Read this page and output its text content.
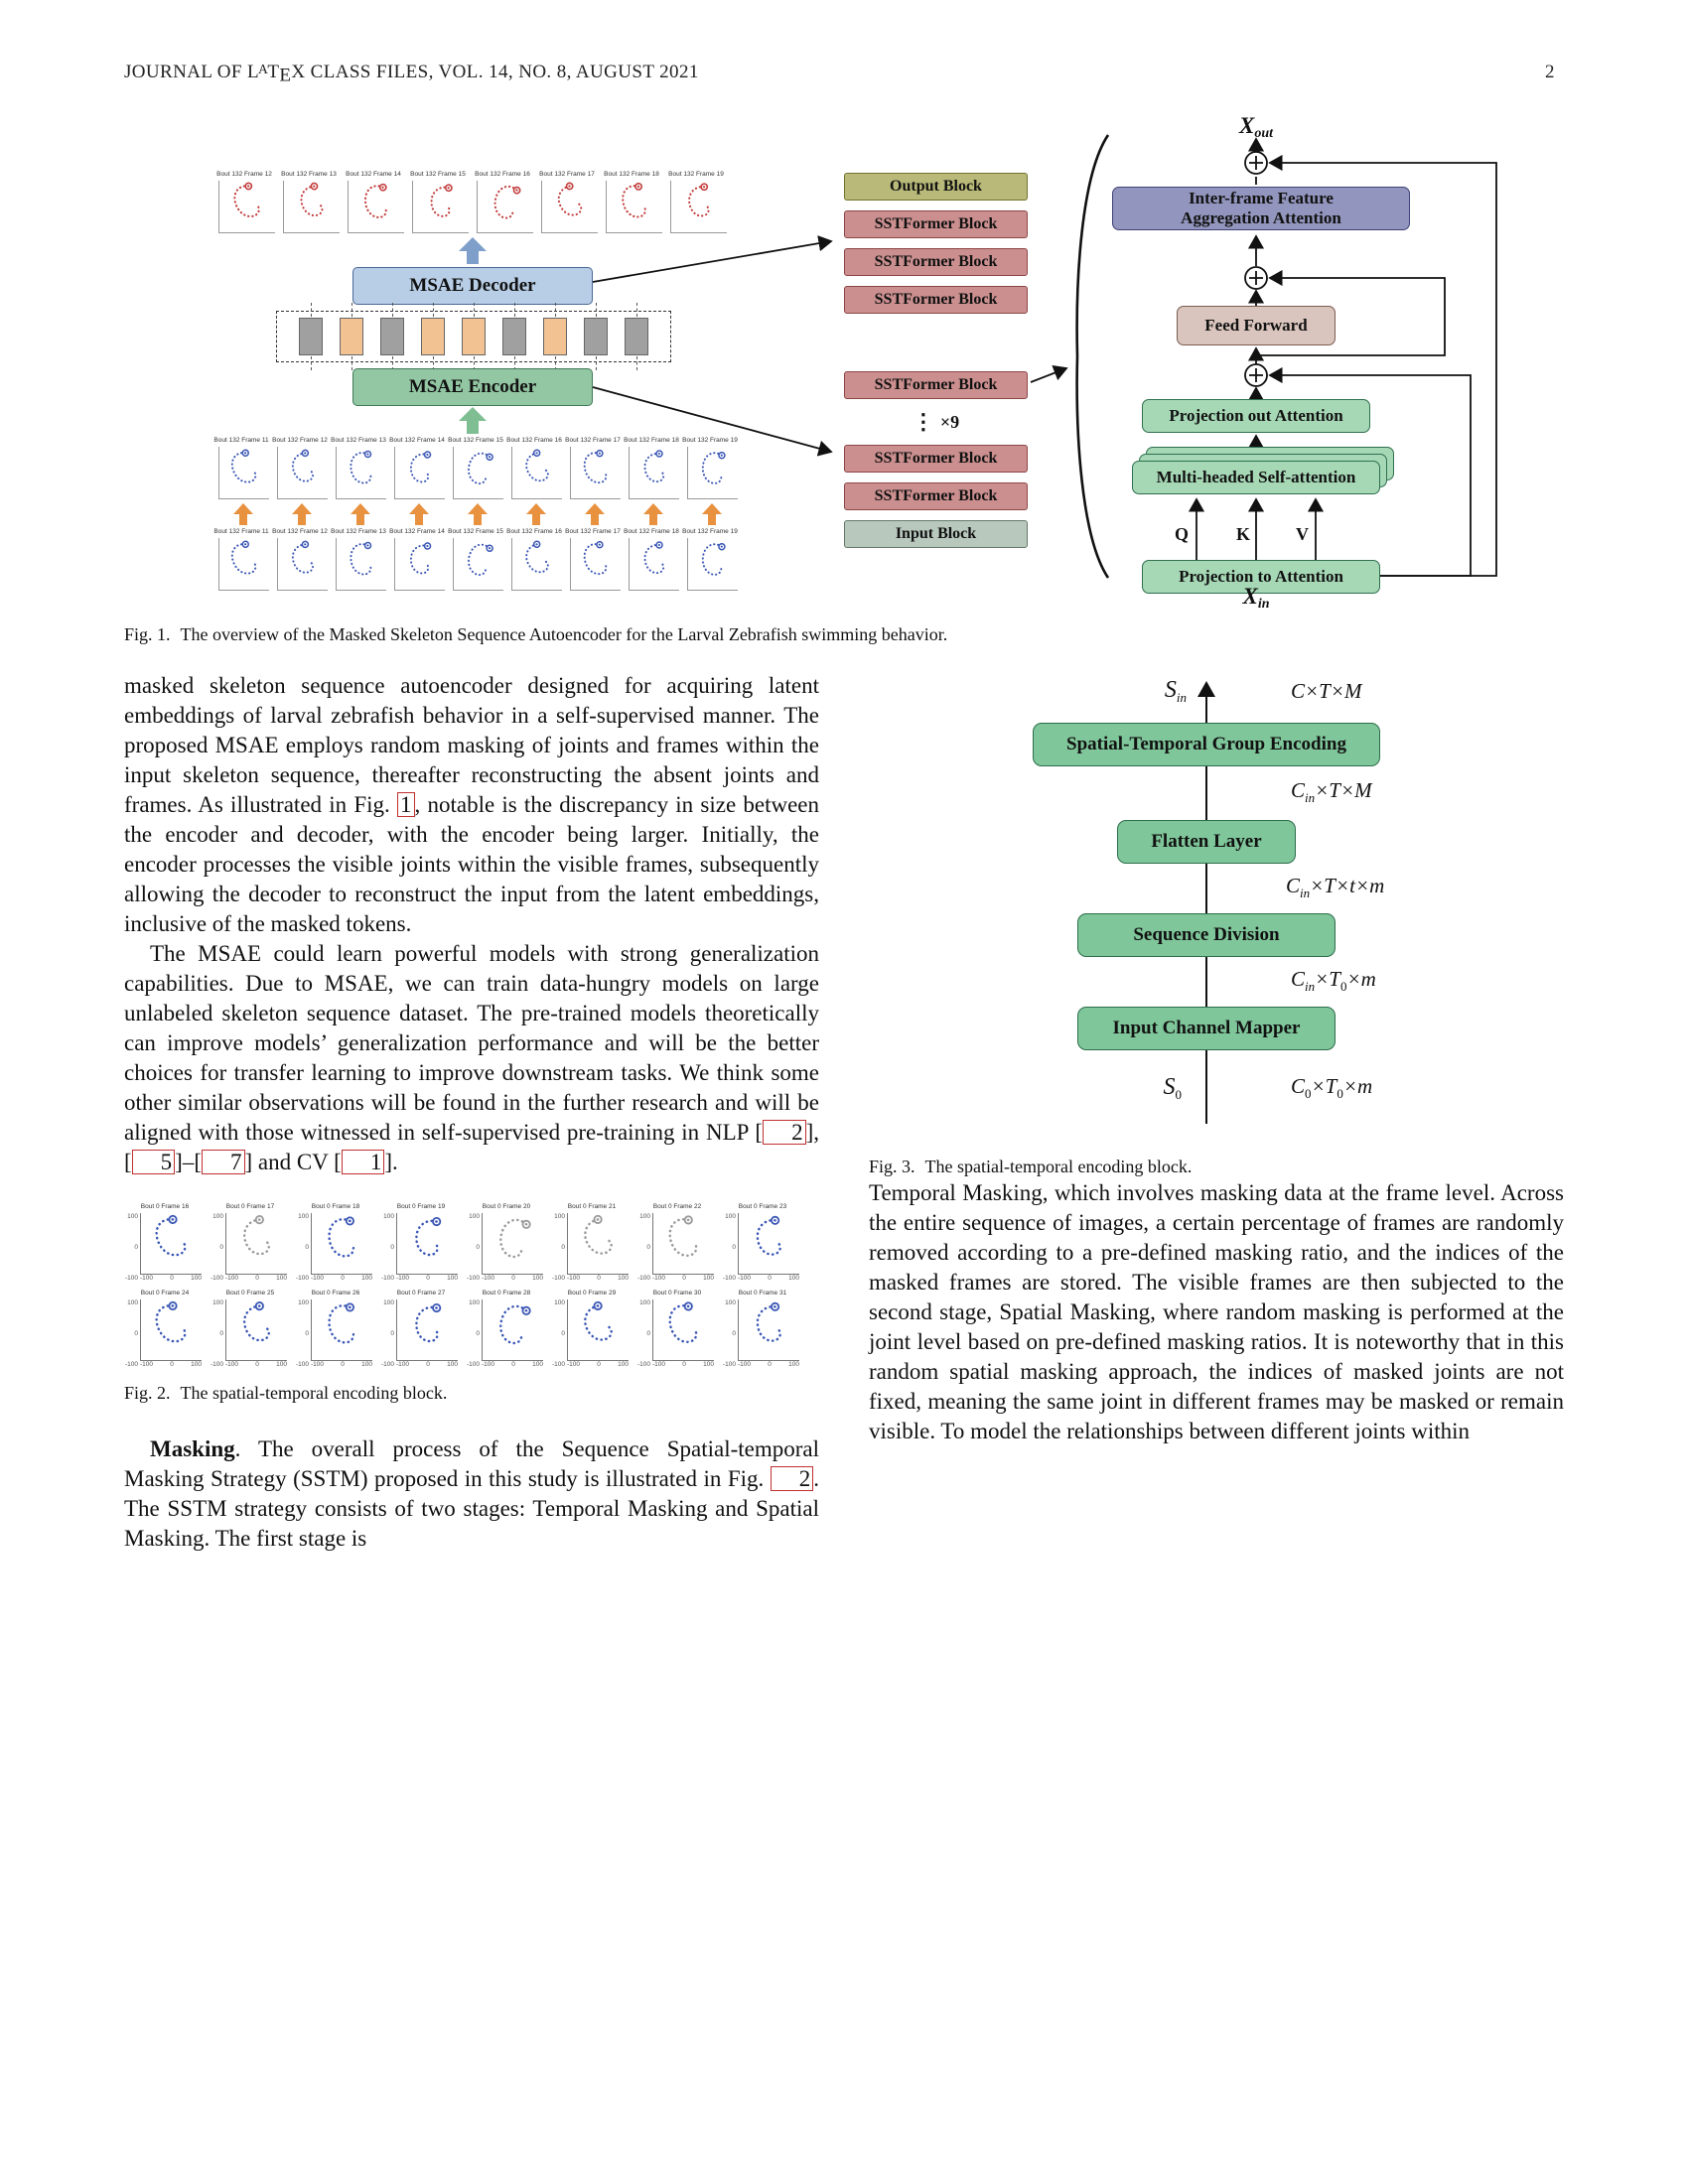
JOURNAL OF $L^ATEX$ CLASS FILES, VOL. 14, NO. 8, AUGUST 2021	2
Q	K	V
Bout 132 Frame 12	Bout 132 Frame 13	Bout 132 Frame 14	Bout 132 Frame 15	Bout 132 Frame 16	Bout 132 Frame 17	Bout 132 Frame 18	Bout 132 Frame 19
MSAE Decoder
MSAE Encoder
Bout 132 Frame 11 Bout 132 Frame 12 Bout 132 Frame 13 Bout 132 Frame 14 Bout 132 Frame 15 Bout 132 Frame 16 Bout 132 Frame 17 Bout 132 Frame 18 Bout 132 Frame 19
Bout 132 Frame 11 Bout 132 Frame 12 Bout 132 Frame 13 Bout 132 Frame 14 Bout 132 Frame 15 Bout 132 Frame 16 Bout 132 Frame 17 Bout 132 Frame 18 Bout 132 Frame 19
Output Block
SSTFormer Block
SSTFormer Block
SSTFormer Block
SSTFormer Block
⋮ ×9
SSTFormer Block
SSTFormer Block
Input Block
Xout
Inter-frame Feature
Aggregation Attention
Feed Forward
Projection out Attention
Multi-headed Self-attention
Projection to Attention
Xin
Fig. 1. The overview of the Masked Skeleton Sequence Autoencoder for the Larval Zebrafish swimming behavior.

masked skeleton sequence autoencoder designed for acquiring latent embeddings of larval zebrafish behavior in a self-supervised manner. The proposed MSAE employs random masking of joints and frames within the input skeleton sequence, thereafter reconstructing the absent joints and frames. As illustrated in Fig. 1 , notable is the discrepancy in size between the encoder and decoder, with the encoder being larger. Initially, the encoder processes the visible joints within the visible frames, subsequently allowing the decoder to reconstruct the input from the latent embeddings, inclusive of the masked tokens.

The MSAE could learn powerful models with strong generalization capabilities. Due to MSAE, we can train data-hungry models on large unlabeled skeleton sequence dataset. The pre-trained models theoretically can improve models’ generalization performance and will be the better choices for transfer learning to improve downstream tasks. We think some other similar observations will be found in the further research and will be aligned with those witnessed in self-supervised pre-training in NLP [ 2 ], [ 5 ]–[ 7 ] and CV [ 1 ].

Bout 0 Frame 16
100
0
-100 -100	0	100
Bout 0 Frame 17
100
0
-100 -100	0	100
Bout 0 Frame 18
100
0
-100 -100	0	100
Bout 0 Frame 19
100
0
-100 -100	0	100
Bout 0 Frame 20
100
0
-100 -100	0	100
Bout 0 Frame 21
100
0
-100 -100	0	100
Bout 0 Frame 22
100
0
-100 -100	0	100
Bout 0 Frame 23
100
0
-100 -100	0	100
Bout 0 Frame 24
100
0
-100 -100	0	100
Bout 0 Frame 25
100
0
-100 -100	0	100
Bout 0 Frame 26
100
0
-100 -100	0	100
Bout 0 Frame 27
100
0
-100 -100	0	100
Bout 0 Frame 28
100
0
-100 -100	0	100
Bout 0 Frame 29
100
0
-100 -100	0	100
Bout 0 Frame 30
100
0
-100 -100	0	100
Bout 0 Frame 31
100
0
-100 -100	0	100
Fig. 2. The spatial-temporal encoding block.

Masking. The overall process of the Sequence Spatial-temporal Masking Strategy (SSTM) proposed in this study is illustrated in Fig. 2 . The SSTM strategy consists of two stages: Temporal Masking and Spatial Masking. The first stage is

$S_{in}$	C×T×M
Spatial-Temporal Group Encoding
$C_{in}\times T\times M$
Flatten Layer
$C_{in}\times T\times t\times m$
Sequence Division
$C_{in}\times T_0\times m$
Input Channel Mapper
$S_0$	$C_0\times T_0\times m$
Fig. 3. The spatial-temporal encoding block.

Temporal Masking, which involves masking data at the frame level. Across the entire sequence of images, a certain percentage of frames are randomly removed according to a pre-defined masking ratio, and the indices of the masked frames are stored. The visible frames are then subjected to the second stage, Spatial Masking, where random masking is performed at the joint level based on pre-defined masking ratios. It is noteworthy that in this random spatial masking approach, the indices of masked joints are not fixed, meaning the same joint in different frames may be masked or remain visible. To model the relationships between different joints within
